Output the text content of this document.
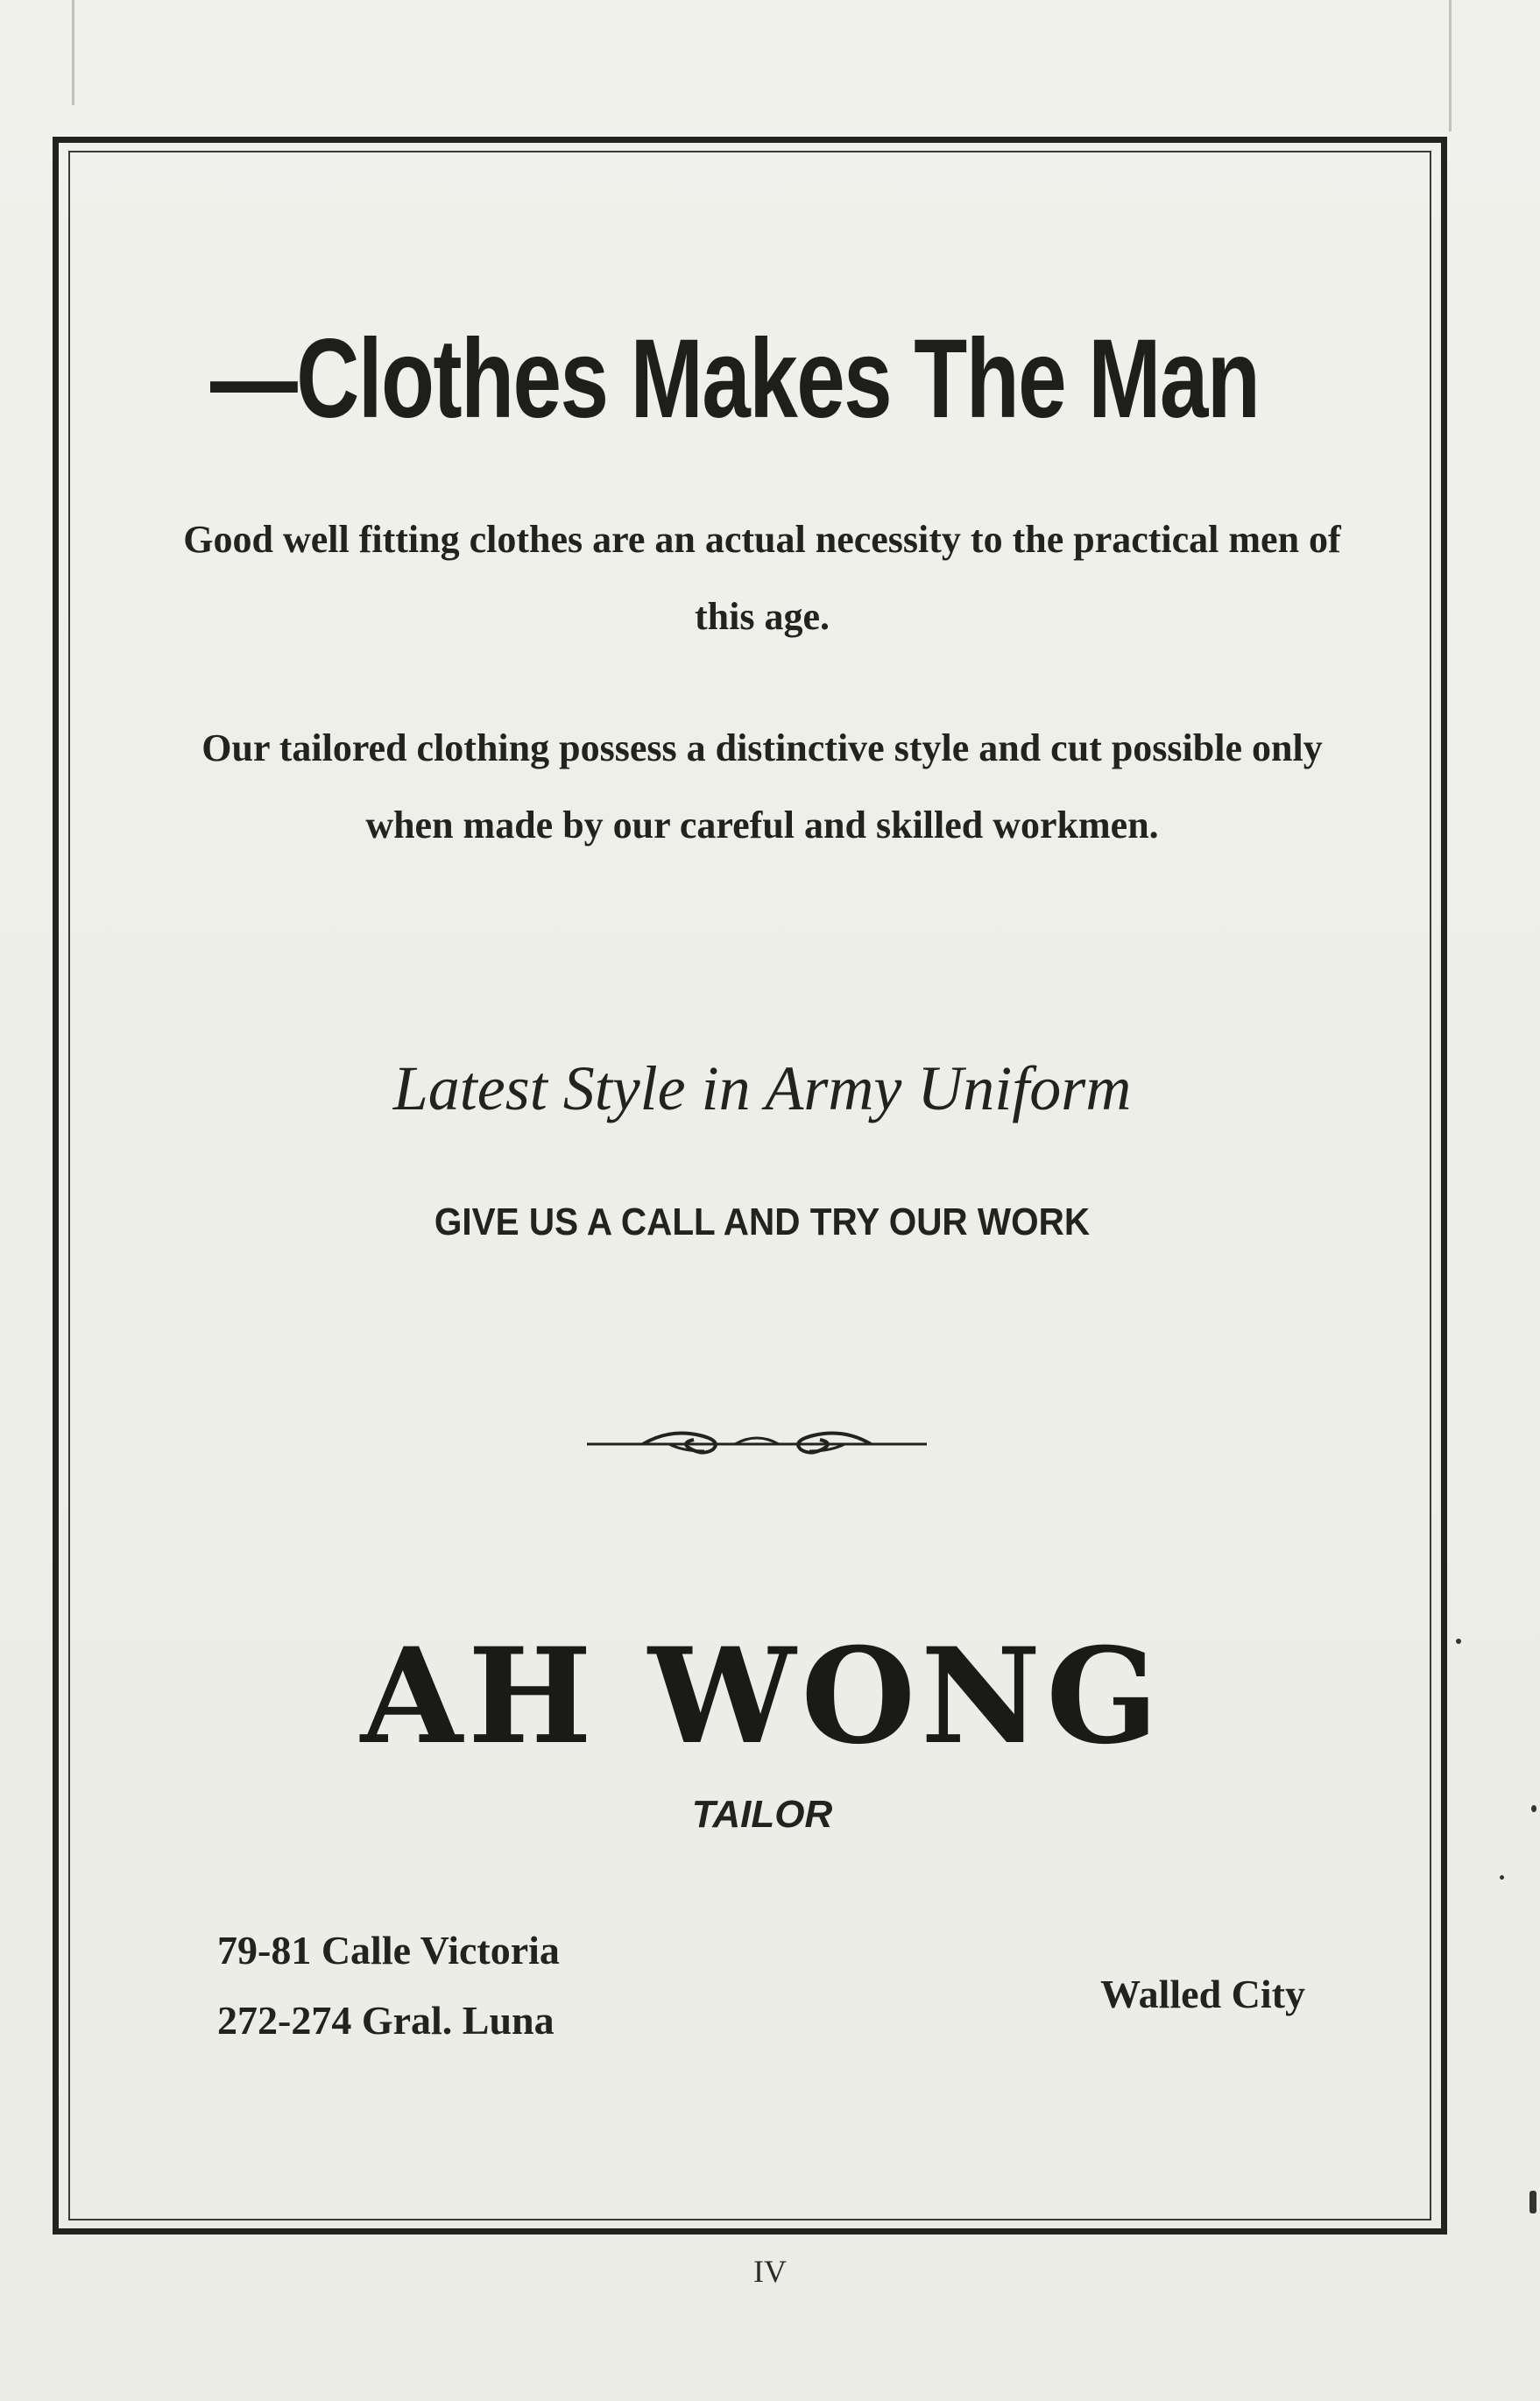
—Clothes Makes The Man
Good well fitting clothes are an actual necessity to the practical men of this age.
Our tailored clothing possess a distinctive style and cut possible only when made by our careful and skilled workmen.
Latest Style in Army Uniform
GIVE US A CALL AND TRY OUR WORK
AH WONG
TAILOR
79-81 Calle Victoria
272-274 Gral. Luna
Walled City
IV
